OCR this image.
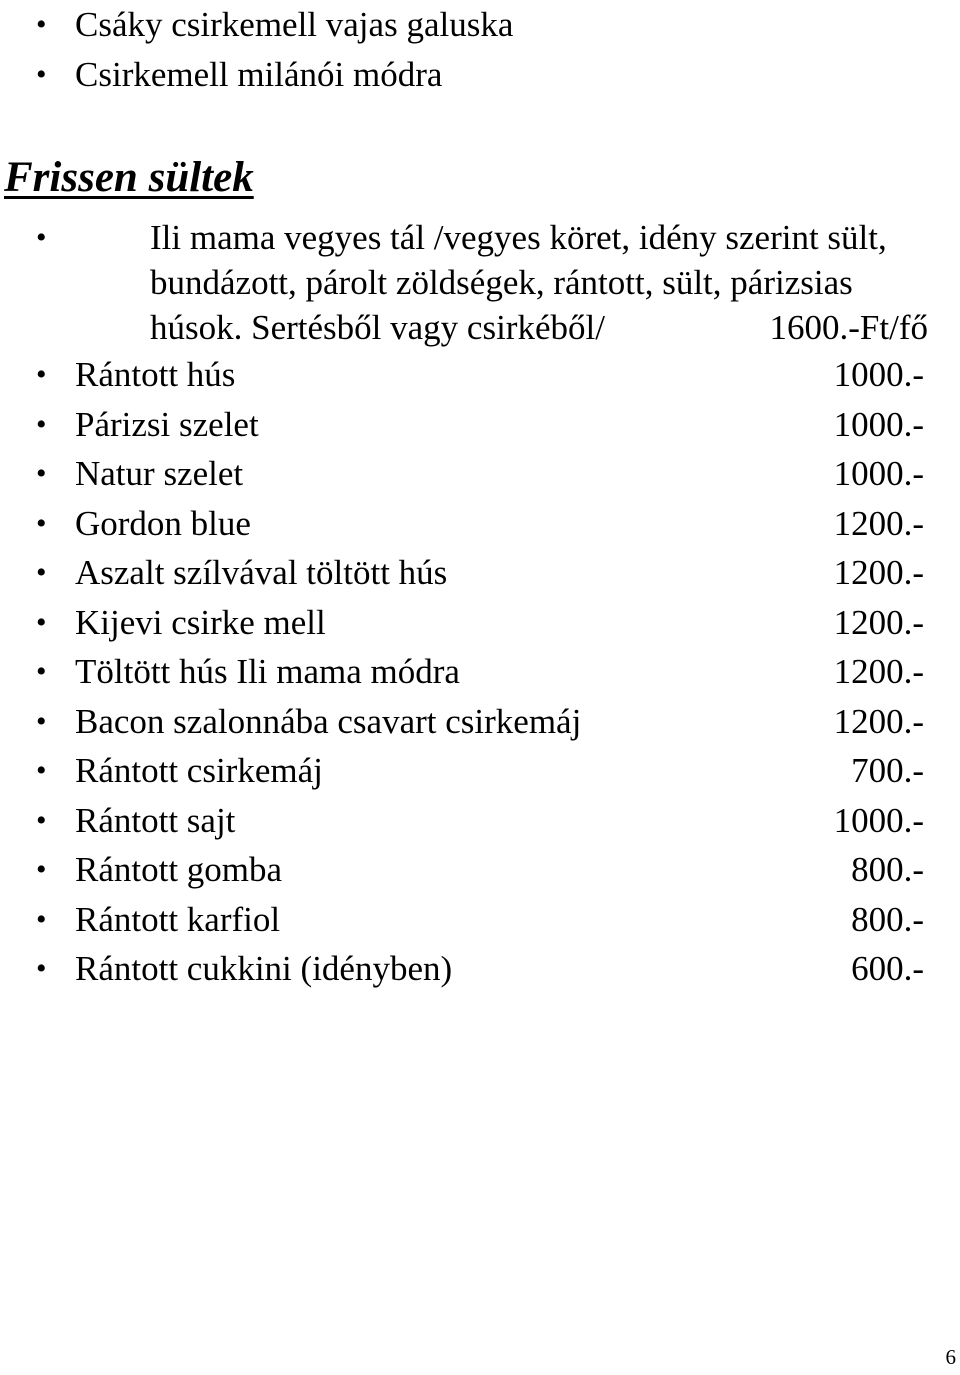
• Csáky csirkemell vajas galuska
• Csirkemell milánói módra
Frissen sültek
•	Ili mama vegyes tál /vegyes köret, idény szerint sült,
bundázott, párolt zöldségek, rántott, sült, párizsias
húsok. Sertésből vagy csirkéből/	1600.-Ft/fő
• Rántott hús	1000.-
• Párizsi szelet	1000.-
• Natur szelet	1000.-
• Gordon blue	1200.-
• Aszalt szílvával töltött hús	1200.-
• Kijevi csirke mell	1200.-
• Töltött hús Ili mama módra	1200.-
• Bacon szalonnába csavart csirkemáj	1200.-
• Rántott csirkemáj	700.-
• Rántott sajt	1000.-
• Rántott gomba	800.-
• Rántott karfiol	800.-
• Rántott cukkini (idényben)	600.-
6
